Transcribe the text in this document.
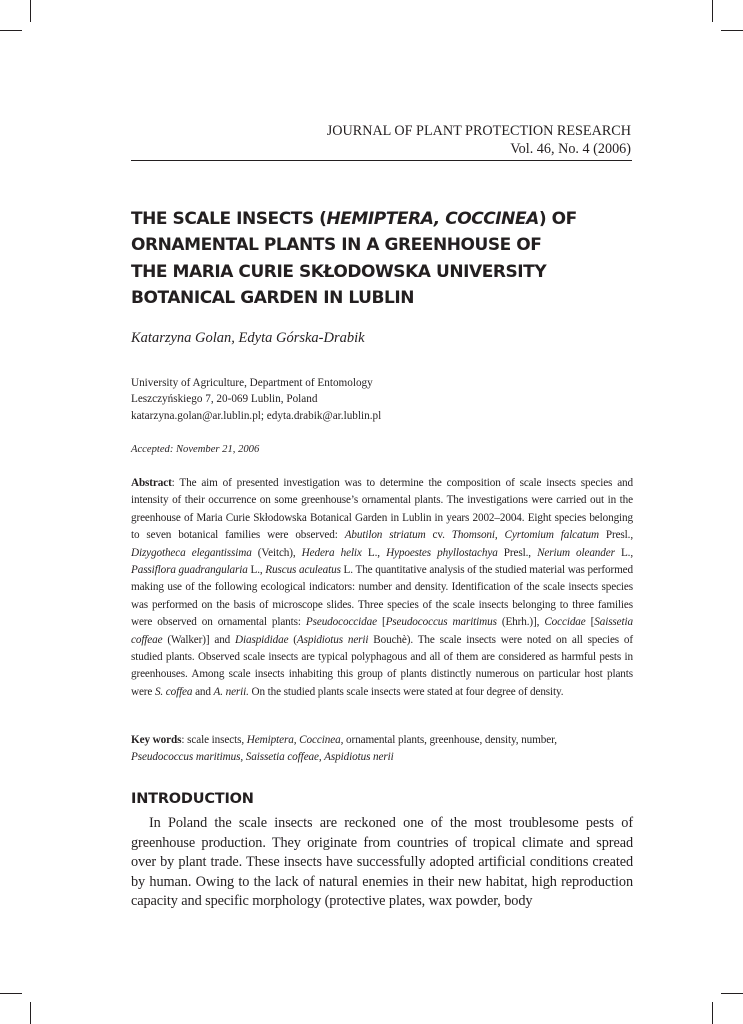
JOURNAL OF PLANT PROTECTION RESEARCH
Vol. 46, No. 4 (2006)
THE SCALE INSECTS (HEMIPTERA, COCCINEA) OF
ORNAMENTAL PLANTS IN A GREENHOUSE OF
THE MARIA CURIE SKŁODOWSKA UNIVERSITY
BOTANICAL GARDEN IN LUBLIN
Katarzyna Golan, Edyta Górska-Drabik
University of Agriculture, Department of Entomology
Leszczyńskiego 7, 20-069 Lublin, Poland
katarzyna.golan@ar.lublin.pl; edyta.drabik@ar.lublin.pl
Accepted: November 21, 2006
Abstract: The aim of presented investigation was to determine the composition of scale insects species and intensity of their occurrence on some greenhouse’s ornamental plants. The investigations were carried out in the greenhouse of Maria Curie Skłodowska Botanical Garden in Lublin in years 2002–2004. Eight species belonging to seven botanical families were observed: Abutilon striatum cv. Thomsoni, Cyrtomium falcatum Presl., Dizygotheca elegantissima (Veitch), Hedera helix L., Hypoestes phyllostachya Presl., Nerium oleander L., Passiflora guadrangularia L., Ruscus aculeatus L. The quantitative analysis of the studied material was performed making use of the following ecological indicators: number and density. Identification of the scale insects species was performed on the basis of microscope slides. Three species of the scale insects belonging to three families were observed on ornamental plants: Pseudococcidae [Pseudococcus maritimus (Ehrh.)], Coccidae [Saissetia coffeae (Walker)] and Diaspididae (Aspidiotus nerii Bouchè). The scale insects were noted on all species of studied plants. Observed scale insects are typical polyphagous and all of them are considered as harmful pests in greenhouses. Among scale insects inhabiting this group of plants distinctly numerous on particular host plants were S. coffea and A. nerii. On the studied plants scale insects were stated at four degree of density.
Key words: scale insects, Hemiptera, Coccinea, ornamental plants, greenhouse, density, number,
Pseudococcus maritimus, Saissetia coffeae, Aspidiotus nerii
INTRODUCTION
In Poland the scale insects are reckoned one of the most troublesome pests of greenhouse production. They originate from countries of tropical climate and spread over by plant trade. These insects have successfully adopted artificial conditions created by human. Owing to the lack of natural enemies in their new habitat, high reproduction capacity and specific morphology (protective plates, wax powder, body
